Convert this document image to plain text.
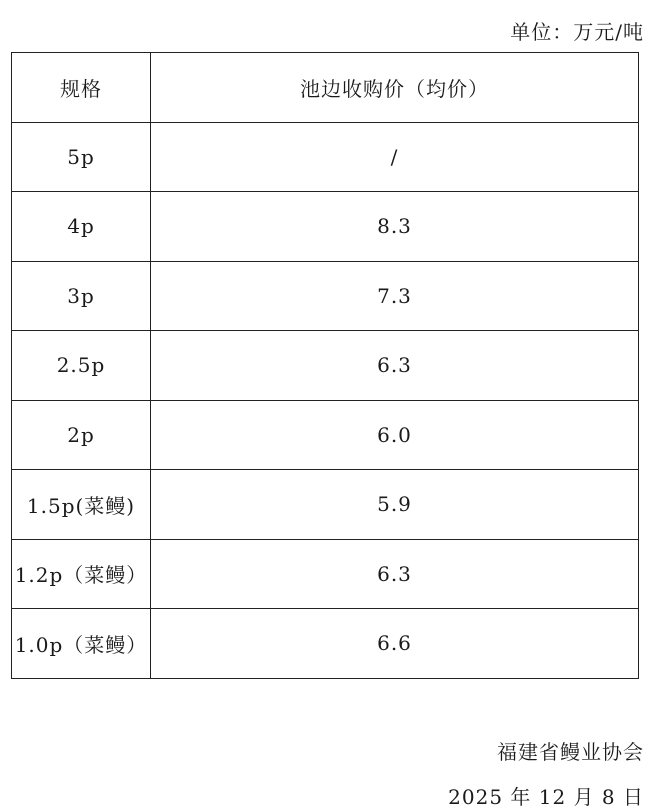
单位：万元/吨
规格	池边收购价（均价）
5p	/
4p	8.3
3p	7.3
2.5p	6.3
2p	6.0
1.5p(菜鳗)	5.9
1.2p（菜鳗）	6.3
1.0p（菜鳗）	6.6
福建省鳗业协会
2025 年 12 月 8 日
